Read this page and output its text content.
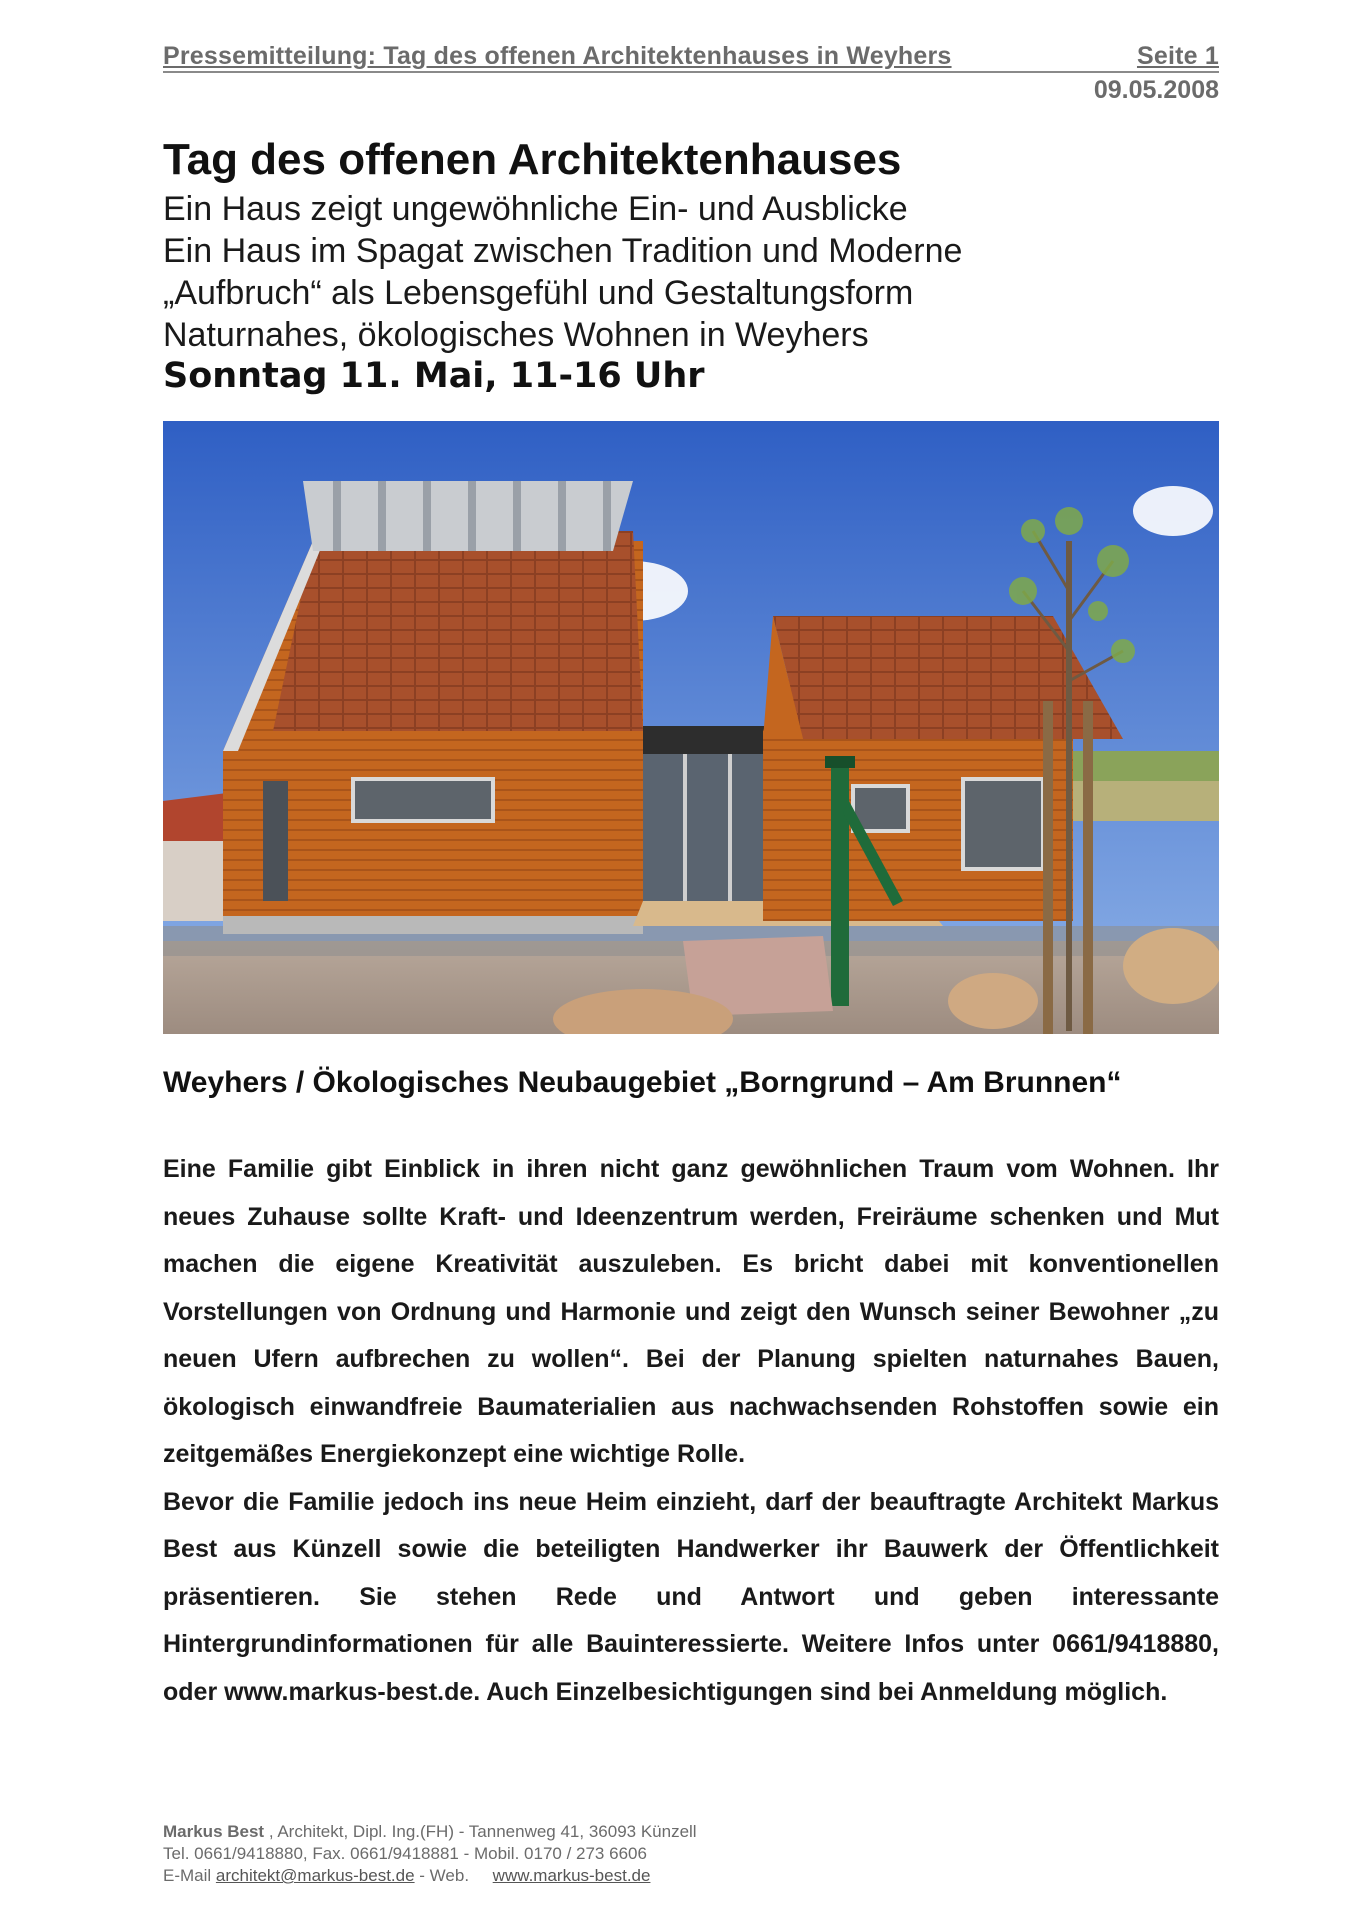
Pressemitteilung: Tag des offenen Architektenhauses in Weyhers	Seite 1
09.05.2008
Tag des offenen Architektenhauses
Ein Haus zeigt ungewöhnliche Ein- und Ausblicke
Ein Haus im Spagat zwischen Tradition und Moderne
„Aufbruch“ als Lebensgefühl und Gestaltungsform
Naturnahes, ökologisches Wohnen in Weyhers
Sonntag 11. Mai, 11-16 Uhr
Weyhers / Ökologisches Neubaugebiet „Borngrund – Am Brunnen“

Eine Familie gibt Einblick in ihren nicht ganz gewöhnlichen Traum vom Wohnen. Ihr neues Zuhause sollte Kraft- und Ideenzentrum werden, Freiräume schenken und Mut machen die eigene Kreativität auszuleben. Es bricht dabei mit konventionellen Vorstellungen von Ordnung und Harmonie und zeigt den Wunsch seiner Bewohner „zu neuen Ufern aufbrechen zu wollen“. Bei der Planung spielten naturnahes Bauen, ökologisch einwandfreie Baumaterialien aus nachwachsenden Rohstoffen sowie ein zeitgemäßes Energiekonzept eine wichtige Rolle.

Bevor die Familie jedoch ins neue Heim einzieht, darf der beauftragte Architekt Markus Best aus Künzell sowie die beteiligten Handwerker ihr Bauwerk der Öffentlichkeit präsentieren. Sie stehen Rede und Antwort und geben interessante Hintergrundinformationen für alle Bauinteressierte. Weitere Infos unter 0661/9418880, oder www.markus-best.de. Auch Einzelbesichtigungen sind bei Anmeldung möglich.

Markus Best , Architekt, Dipl. Ing.(FH) - Tannenweg 41, 36093 Künzell
Tel. 0661/9418880, Fax. 0661/9418881 - Mobil. 0170 / 273 6606
E-Mail architekt@markus-best.de - Web.     www.markus-best.de
